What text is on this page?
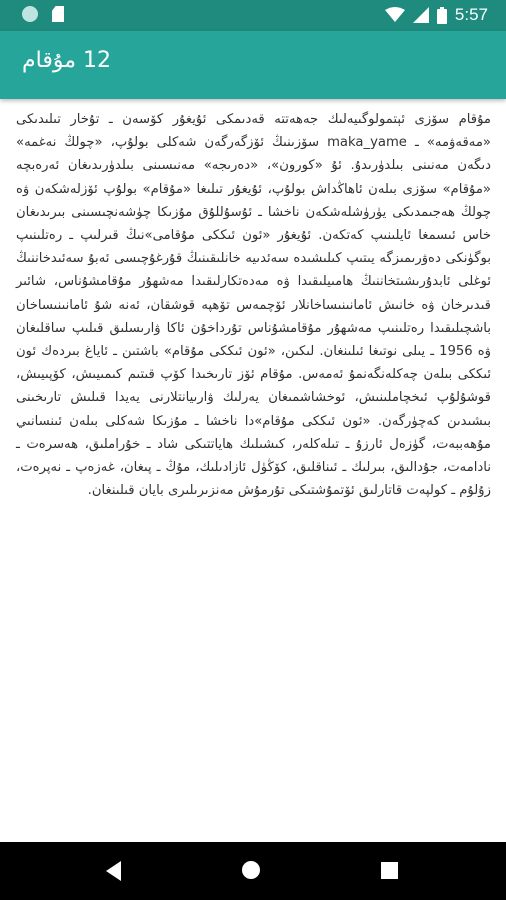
5:57
12 مۇقام
مۇقام سۆزى ئېتمولوگىيەلىك جەھەتتە قەدىمكى ئۇيغۇر كۆسەن ـ تۇخار تىلىدىكى «مەقەۋمە» ـ maka_yame سۆزىنىڭ ئۆزگەرگەن شەكلى بولۇپ، «چولڭ نەغمە» دىگەن مەنىنى بىلدۈرىدۇ. ئۇ «كورون»، «دەرىجە» مەنىسىنى بىلدۈرىدىغان ئەرەبچە «مۇقام» سۆزى بىلەن ئاھاڭداش بولۇپ، ئۇيغۇر تىلىغا «مۇقام» بولۇپ ئۆزلەشكەن ۋە چولڭ ھەجىمدىكى يۈرۈشلەشكەن ناخشا ـ ئۇسۇللۇق مۇزىكا چۈشەنچىسىنى بىرىدىغان خاس ئىسمغا ئايلىنىپ كەتكەن. ئۇيغۇر «ئون ئىككى مۇقامى»نىڭ قىرلىپ ـ رەتلىنىپ بوگۈنكى دەۋرىمىزگە يىتىپ كىلىشىدە سەئدىيە خانلىقىنىڭ قۇرغۇچىسى ئەبۇ سەئىدخاننىڭ ئوغلى ئابدۇرىشىتخاننىڭ ھامىيلىقىدا ۋە مەدەتكارلىقىدا مەشھۇر مۇقامشۇناس، شائىر قىدىرخان ۋە خانىش ئامانىنىساخانلار ئۆچمەس تۆھپە قوشقان، ئەنە شۇ ئامانىنىساخان باشچىلىقىدا رەتلىنىپ مەشھۇر مۇقامشۇناس تۇرداخۇن ئاكا ۋارىسلىق قىلىپ ساقلىغان ۋە 1956 ـ يىلى نوتىغا ئىلىنغان. لىكىن، «ئون ئىككى مۇقام» باشتىن ـ ئاياغ بىردەك ئون ئىككى بىلەن چەكلەنگەنمۇ ئەمەس. مۇقام ئۆز تارىخىدا كۆپ قىتىم كىمىيىش، كۆپىيىش، قوشۇلۇپ ئىخچاملىنىش، ئوخشاشمىغان يەرلىك ۋارىيانتلارنى يەيدا قىلىش تارىخىنى بىشىدىن كەچۈرگەن. «ئون ئىككى مۇقام»دا ناخشا ـ مۇزىكا شەكلى بىلەن ئىنسانىي مۇھەببەت، گۈزەل ئارزۇ ـ تىلەكلەر، كىشىلىك ھاياتتىكى شاد ـ خۇراملىق، ھەسرەت ـ نادامەت، جۇدالىق، بىرلىك ـ ئىناقلىق، كۆڭۈل ئازادىلىك، مۇڭ ـ پىغان، غەزەپ ـ نەپرەت، زۇلۇم ـ كولپەت قاتارلىق ئۆتمۇشتىكى تۇرمۇش مەنزىرىلىرى بايان قىلىنغان.
